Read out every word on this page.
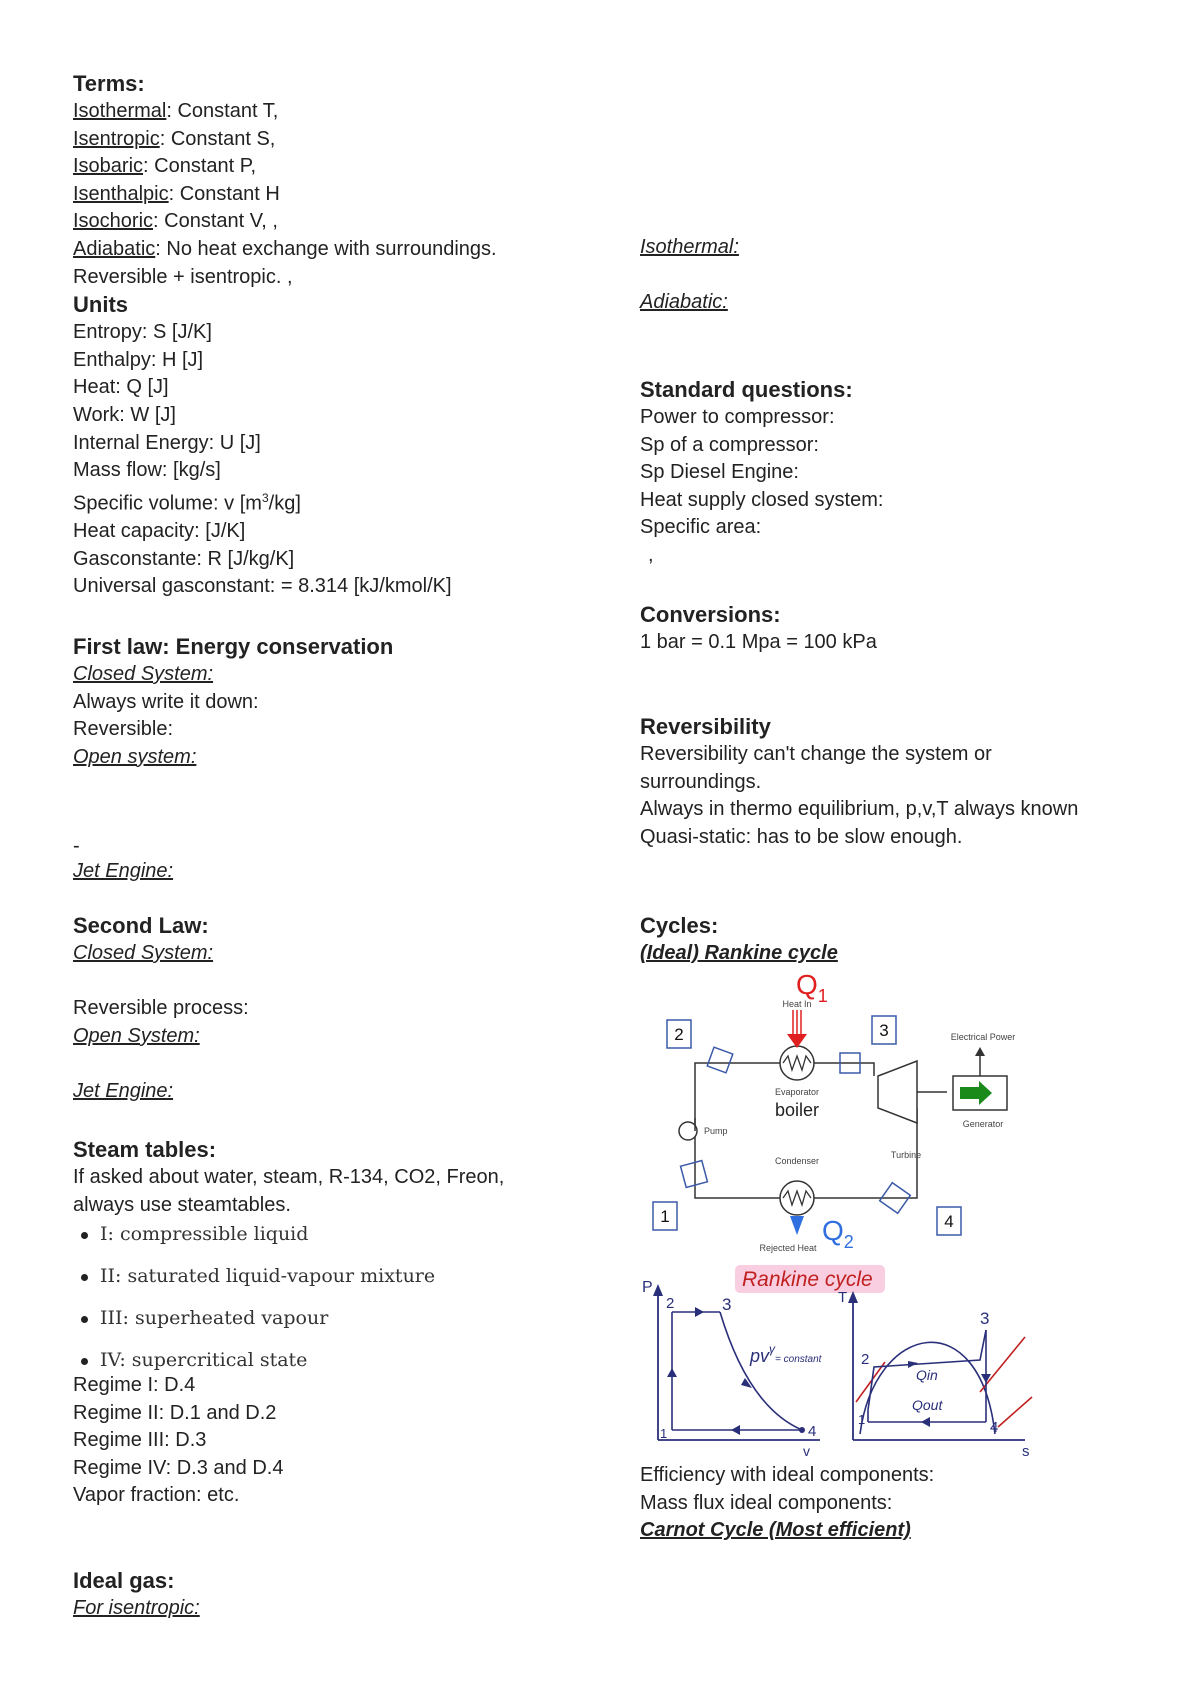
Terms:
Isothermal: Constant T,
Isentropic: Constant S,
Isobaric: Constant P,
Isenthalpic: Constant H
Isochoric: Constant V, ,
Adiabatic: No heat exchange with surroundings.
Reversible + isentropic. ,
Units
Entropy: S [J/K]
Enthalpy: H [J]
Heat: Q [J]
Work: W [J]
Internal Energy: U [J]
Mass flow: [kg/s]
Specific volume: v $[m^3/kg]$
Heat capacity: [J/K]
Gasconstante: R [J/kg/K]
Universal gasconstant: = 8.314 [kJ/kmol/K]
First law: Energy conservation
Closed System:
Always write it down:
Reversible:
Open system:
-
Jet Engine:
Second Law:
Closed System:
Reversible process:
Open System:
Jet Engine:
Steam tables:
If asked about water, steam, R-134, CO2, Freon,
always use steamtables.
I: compressible liquid
II: saturated liquid-vapour mixture
III: superheated vapour
IV: supercritical state
Regime I: D.4
Regime II: D.1 and D.2
Regime III: D.3
Regime IV: D.3 and D.4
Vapor fraction: etc.
Ideal gas:
For isentropic:
Isothermal:
Adiabatic:
Standard questions:
Power to compressor:
Sp of a compressor:
Sp Diesel Engine:
Heat supply closed system:
Specific area:
,
Conversions:
1 bar = 0.1 Mpa = 100 kPa
Reversibility
Reversibility can't change the system or
surroundings.
Always in thermo equilibrium, p,v,T always known
Quasi-static: has to be slow enough.
Cycles:
(Ideal) Rankine cycle
2	3
1	4
$Q_1$
$Q_2$
Heat In
Evaporator
boiler
Pump
Condenser
Turbine
Electrical Power
Generator
Rejected Heat
Rankine cycle
P
v
1
2	3
4
$pv^\gamma_{= constant}$
T
s
1
2
3
4
Qin
Qout
Efficiency with ideal components:
Mass flux ideal components:
Carnot Cycle (Most efficient)
